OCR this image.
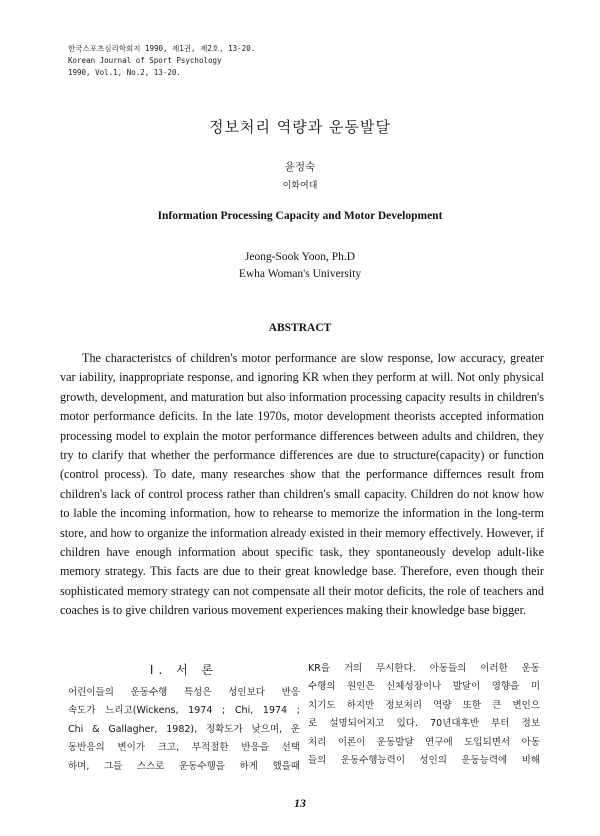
한국스포츠심리학회지 1990, 제1권, 제2호, 13-20.
Korean Journal of Sport Psychology
1990, Vol.1, No.2, 13-20.
정보처리 역량과 운동발달
윤정숙
이화여대
Information Processing Capacity and Motor Development
Jeong-Sook Yoon, Ph.D
Ewha Woman's University
ABSTRACT
The characteristcs of children's motor performance are slow response, low accuracy, greater var iability, inappropriate response, and ignoring KR when they perform at will. Not only physical growth, development, and maturation but also information processing capacity results in children's motor performance deficits. In the late 1970s, motor development theorists accepted information processing model to explain the motor performance differences between adults and children, they try to clarify that whether the performance differences are due to structure(capacity) or function (control process). To date, many researches show that the performance differnces result from children's lack of control process rather than children's small capacity. Children do not know how to lable the incoming information, how to rehearse to memorize the information in the long-term store, and how to organize the information already existed in their memory effectively. However, if children have enough information about specific task, they spontaneously develop adult-like memory strategy. This facts are due to their great knowledge base. Therefore, even though their sophisticated memory strategy can not compensate all their motor deficits, the role of teachers and coaches is to give children various movement experiences making their knowledge base bigger.
Ⅰ. 서 론

어린이들의 운동수행 특성은 성인보다 반응

속도가 느리고(Wickens, 1974 ; Chi, 1974 ;

Chi & Gallagher, 1982), 정확도가 낮으며, 운

동반응의 변이가 크고, 부적절한 반응을 선택

하며, 그들 스스로 운동수행을 하게 했을때

KR을 거의 무시한다. 아동들의 이러한 운동

수행의 원인은 신체성장이나 발달이 영향을 미

치기도 하지만 정보처리 역량 또한 큰 변인으

로 설명되어지고 있다. 70년대후반 부터 정보

처리 이론이 운동발달 연구에 도입되면서 아동

들의 운동수행능력이 성인의 운동능력에 비해

13
